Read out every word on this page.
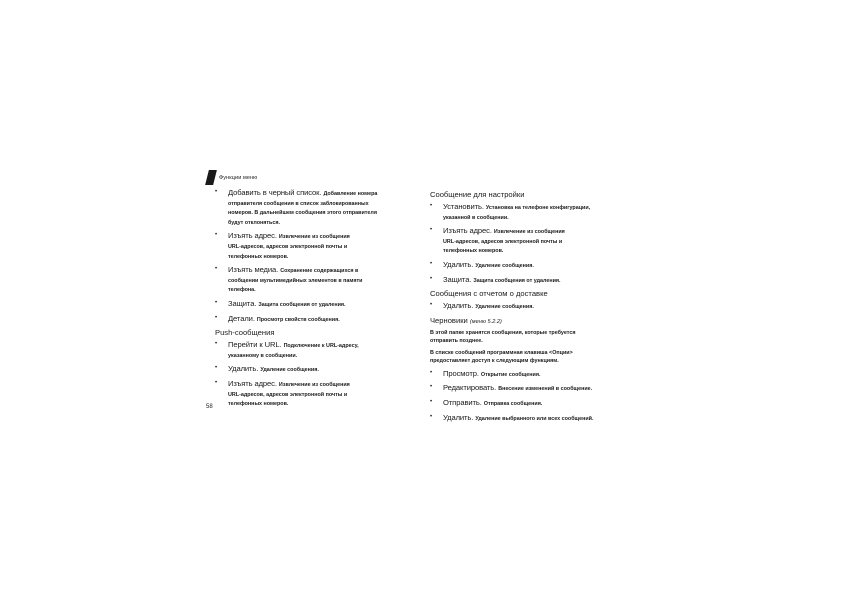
Функции меню
• Добавить в черный список. Добавление номера
отправителя сообщения в список заблокированных
номеров. В дальнейшем сообщения этого отправителя
будут отклоняться.
• Изъять адрес. Извлечение из сообщения
URL-адресов, адресов электронной почты и
телефонных номеров.
• Изъять медиа. Сохранение содержащихся в
сообщении мультимедийных элементов в памяти
телефона.
• Защита. Защита сообщения от удаления.
• Детали. Просмотр свойств сообщения.
Push-сообщения
• Перейти к URL. Подключение к URL-адресу,
указанному в сообщении.
• Удалить. Удаление сообщения.
• Изъять адрес. Извлечение из сообщения
URL-адресов, адресов электронной почты и
телефонных номеров.
Сообщение для настройки
• Установить. Установка на телефоне конфигурации,
указанной в сообщении.
• Изъять адрес. Извлечение из сообщения
URL-адресов, адресов электронной почты и
телефонных номеров.
• Удалить. Удаление сообщения.
• Защита. Защита сообщения от удаления.
Сообщения с отчетом о доставке
• Удалить. Удаление сообщения.
Черновики (меню 5.2.2)
В этой папке хранятся сообщения, которые требуется
отправить позднее.
В списке сообщений программная клавиша <Опции>
предоставляет доступ к следующим функциям.
• Просмотр. Открытие сообщения.
• Редактировать. Внесение изменений в сообщение.
• Отправить. Отправка сообщения.
• Удалить. Удаление выбранного или всех сообщений.
58
